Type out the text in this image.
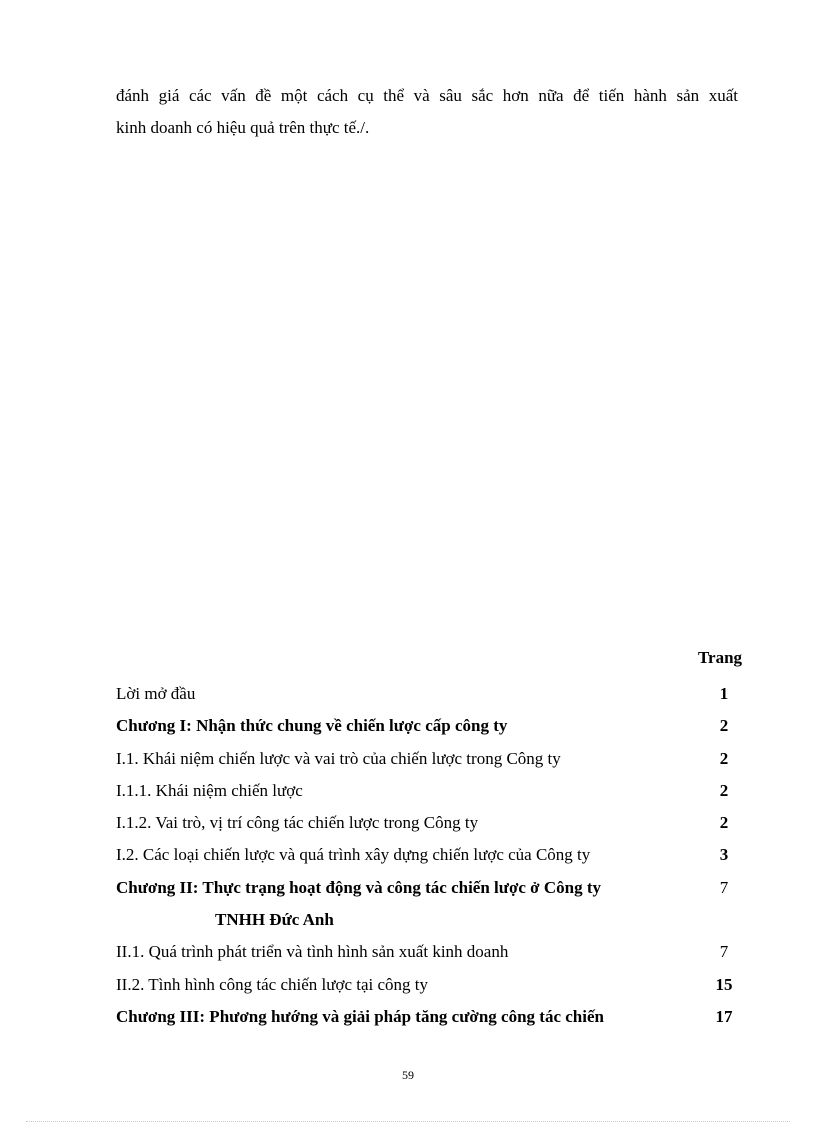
đánh giá các vấn đề một cách cụ thể và sâu sắc hơn nữa để tiến hành sản xuất
kinh doanh có hiệu quả trên thực tế./.
Trang
Lời mở đầu	1
Chương I: Nhận thức chung về chiến lược cấp công ty	2
I.1. Khái niệm chiến lược và vai trò của chiến lược trong Công ty	2
I.1.1. Khái niệm chiến lược	2
I.1.2. Vai trò, vị trí công tác chiến lược trong Công ty	2
I.2. Các loại chiến lược và quá trình xây dựng chiến lược của Công ty	3
Chương II: Thực trạng hoạt động và công tác chiến lược ở Công ty	7
TNHH Đức Anh
II.1. Quá trình phát triển và tình hình sản xuất kinh doanh	7
II.2. Tình hình công tác chiến lược tại công ty	15
Chương III: Phương hướng và giải pháp tăng cường công tác chiến	17
59
